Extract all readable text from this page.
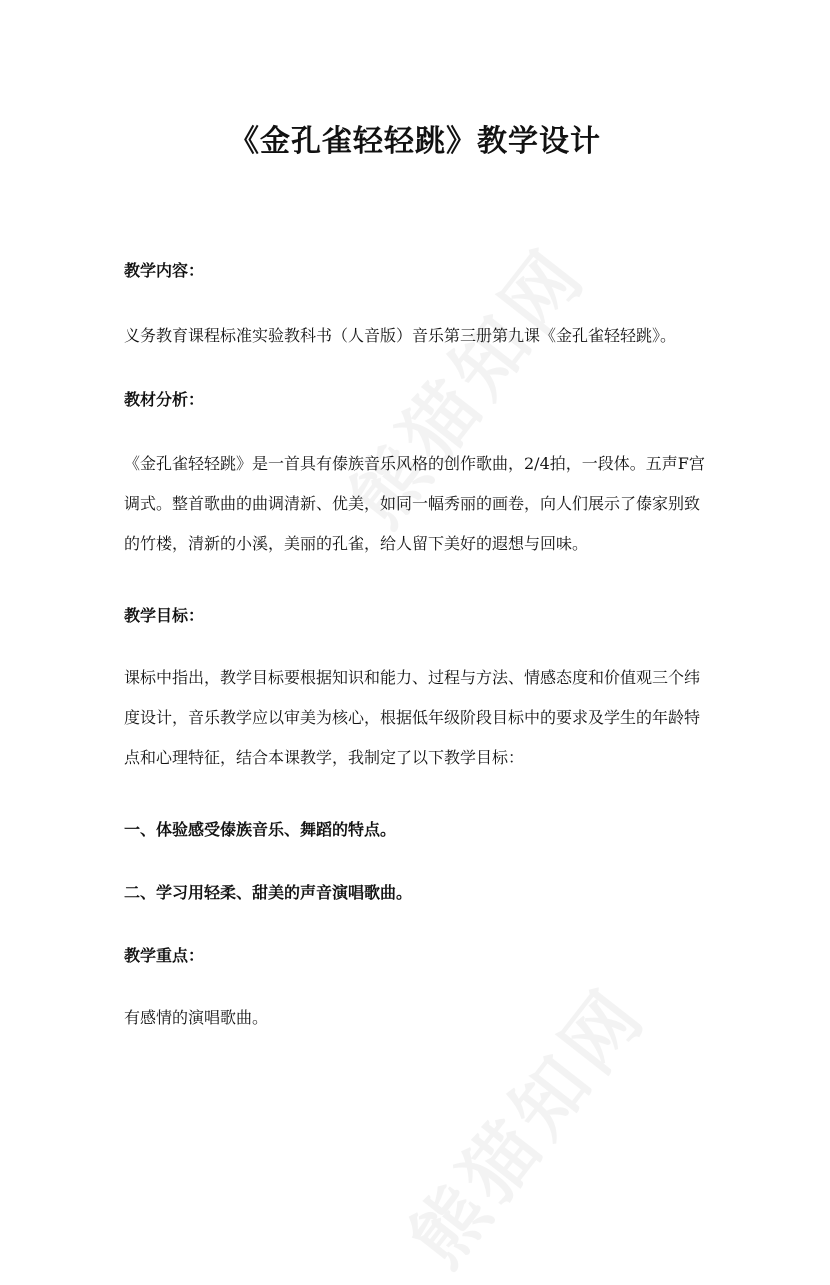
《金孔雀轻轻跳》教学设计

教学内容：

义务教育课程标准实验教科书（人音版）音乐第三册第九课《金孔雀轻轻跳》。

教材分析：

《金孔雀轻轻跳》是一首具有傣族音乐风格的创作歌曲，2/4拍，一段体。五声F宫调式。整首歌曲的曲调清新、优美，如同一幅秀丽的画卷，向人们展示了傣家别致的竹楼，清新的小溪，美丽的孔雀，给人留下美好的遐想与回味。

教学目标：

课标中指出，教学目标要根据知识和能力、过程与方法、情感态度和价值观三个纬度设计，音乐教学应以审美为核心，根据低年级阶段目标中的要求及学生的年龄特点和心理特征，结合本课教学，我制定了以下教学目标：

一、体验感受傣族音乐、舞蹈的特点。

二、学习用轻柔、甜美的声音演唱歌曲。

教学重点：

有感情的演唱歌曲。
